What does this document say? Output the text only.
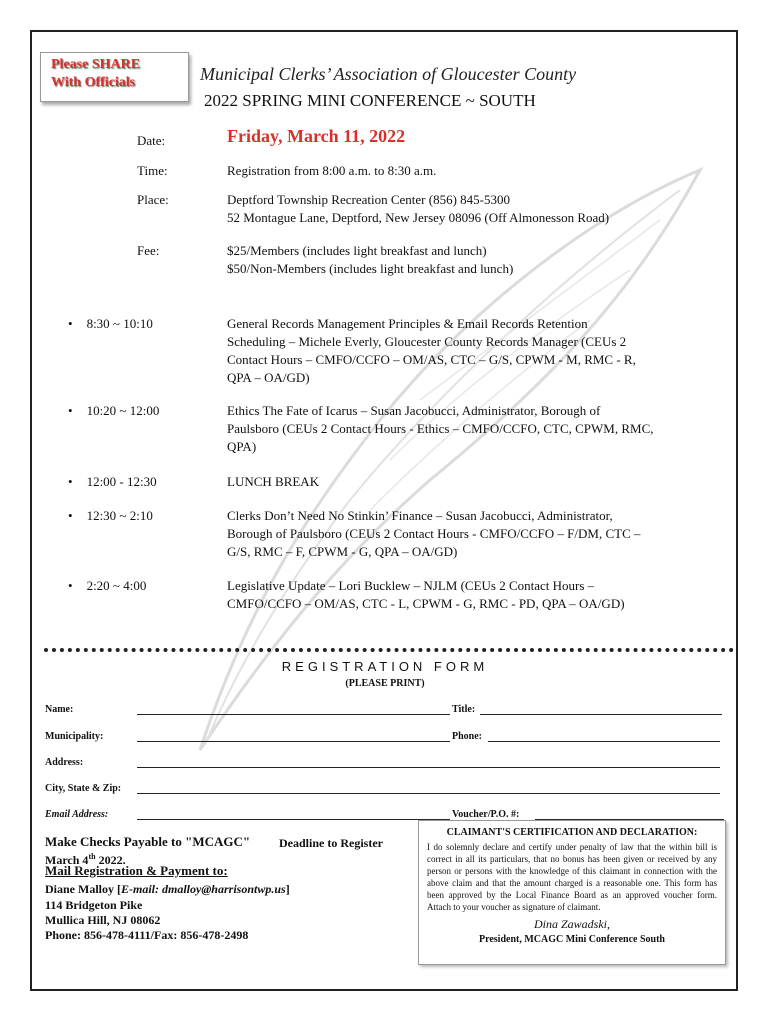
Please SHARE
With Officials	Municipal Clerks’ Association of Gloucester County
2022 SPRING MINI CONFERENCE ~ SOUTH
Date:	Friday, March 11, 2022
Time:	Registration from 8:00 a.m. to 8:30 a.m.
Place:	Deptford Township Recreation Center (856) 845-5300
52 Montague Lane, Deptford, New Jersey 08096 (Off Almonesson Road)
Fee:	$25/Members (includes light breakfast and lunch)
$50/Non-Members (includes light breakfast and lunch)
• 8:30 ~ 10:10	General Records Management Principles & Email Records Retention
Scheduling – Michele Everly, Gloucester County Records Manager (CEUs 2
Contact Hours – CMFO/CCFO – OM/AS, CTC – G/S, CPWM - M, RMC - R,
QPA – OA/GD)
• 10:20 ~ 12:00	Ethics The Fate of Icarus – Susan Jacobucci, Administrator, Borough of
Paulsboro (CEUs 2 Contact Hours - Ethics – CMFO/CCFO, CTC, CPWM, RMC,
QPA)
• 12:00 - 12:30	LUNCH BREAK
• 12:30 ~ 2:10	Clerks Don’t Need No Stinkin’ Finance – Susan Jacobucci, Administrator,
Borough of Paulsboro (CEUs 2 Contact Hours - CMFO/CCFO – F/DM, CTC –
G/S, RMC – F, CPWM - G, QPA – OA/GD)
• 2:20 ~ 4:00	Legislative Update – Lori Bucklew – NJLM (CEUs 2 Contact Hours –
CMFO/CCFO – OM/AS, CTC - L, CPWM - G, RMC - PD, QPA – OA/GD)
REGISTRATION FORM
(PLEASE PRINT)
Name:	Title:
Municipality:	Phone:
Address:
City, State & Zip:
Email Address:	Voucher/P.O. #:
Make Checks Payable to "MCAGC" Deadline to Register
March 4th 2022.
Mail Registration & Payment to:
Diane Malloy [E-mail: dmalloy@harrisontwp.us]
114 Bridgeton Pike
Mullica Hill, NJ 08062
Phone: 856-478-4111/Fax: 856-478-2498
CLAIMANT'S CERTIFICATION AND DECLARATION:
I do solemnly declare and certify under penalty of law that the within bill is correct in all its particulars, that no bonus has been given or received by any person or persons with the knowledge of this claimant in connection with the above claim and that the amount charged is a reasonable one. This form has been approved by the Local Finance Board as an approved voucher form. Attach to your voucher as signature of claimant.
Dina Zawadski,
President, MCAGC Mini Conference South
